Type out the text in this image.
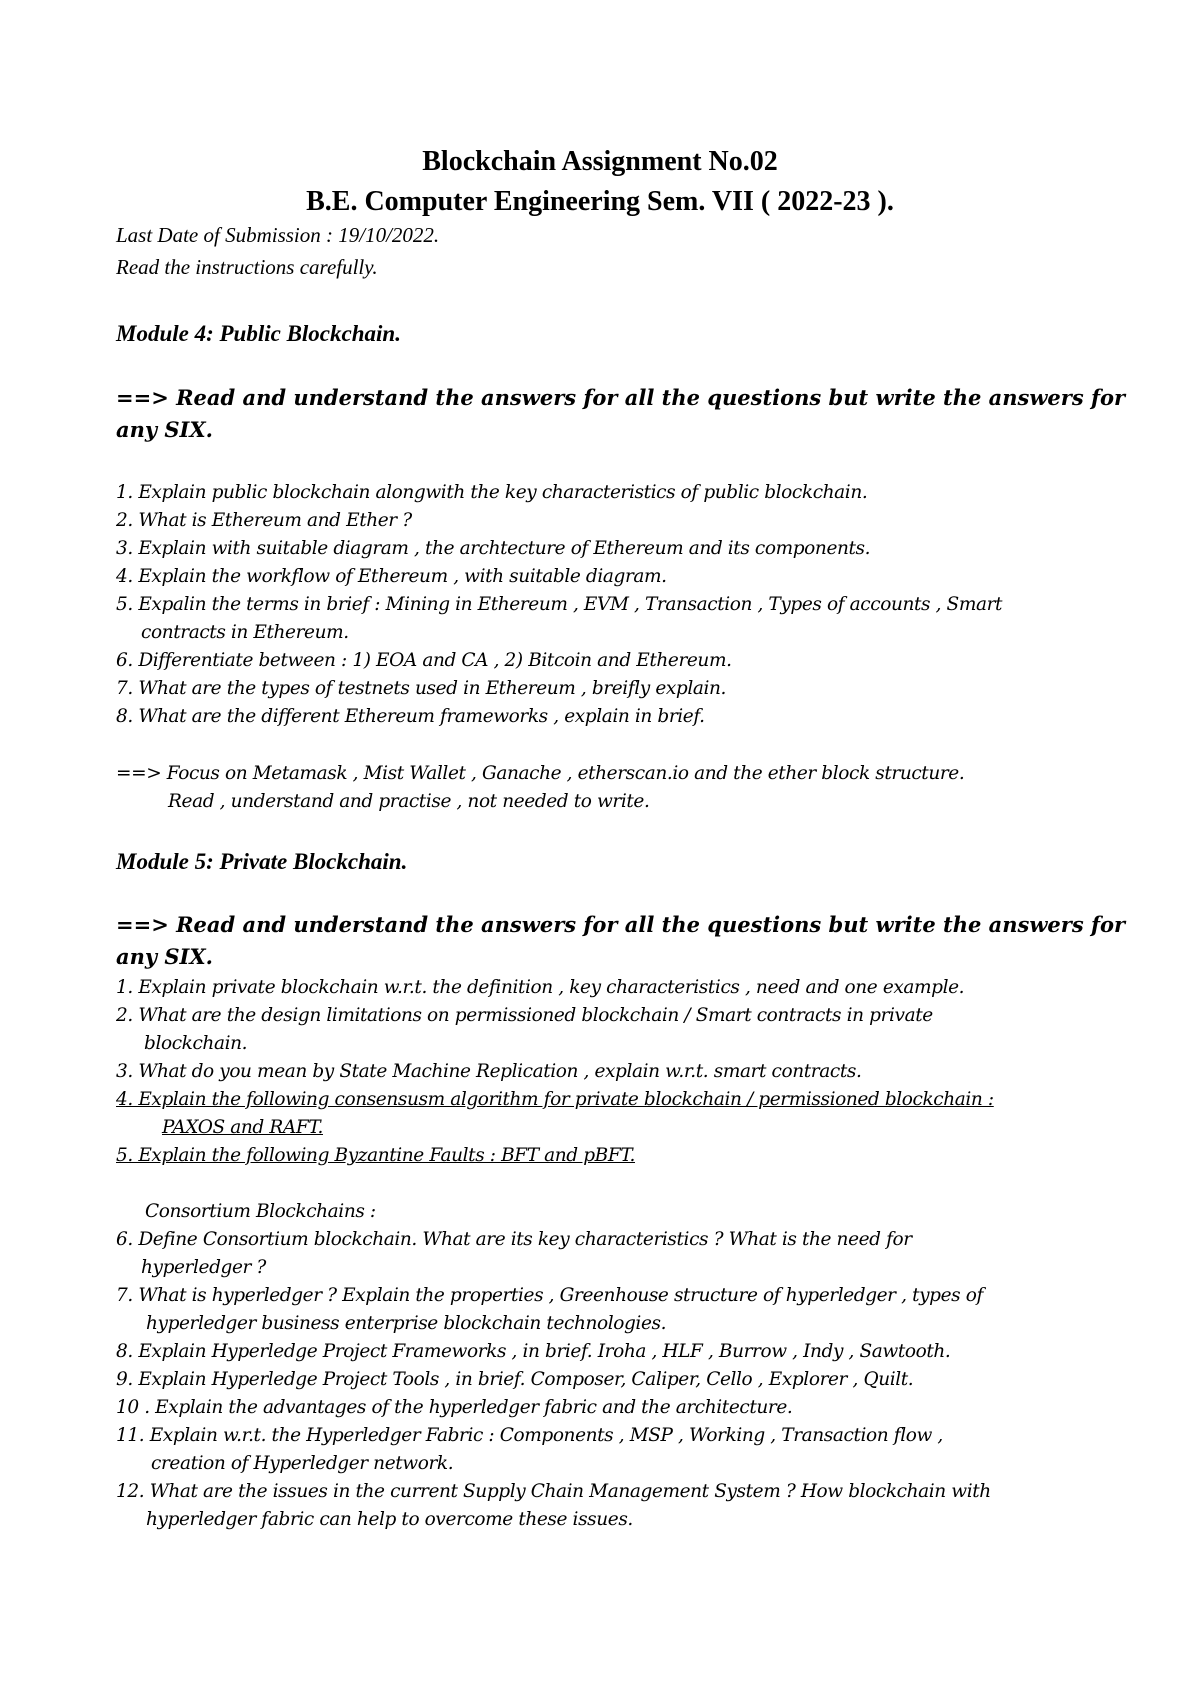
Blockchain Assignment No.02
B.E. Computer Engineering Sem. VII ( 2022-23 ).

Last Date of Submission : 19/10/2022.

Read the instructions carefully.

Module 4: Public Blockchain.

==> Read and understand the answers for all the questions but write the answers for

any SIX.

1. Explain public blockchain alongwith the key characteristics of public blockchain.

2. What is Ethereum and Ether ?

3. Explain with suitable diagram , the archtecture of Ethereum and its components.

4. Explain the workflow of Ethereum , with suitable diagram.

5. Expalin the terms in brief : Mining in Ethereum , EVM , Transaction , Types of accounts , Smart

contracts in Ethereum.

6. Differentiate between : 1) EOA and CA , 2) Bitcoin and Ethereum.

7. What are the types of testnets used in Ethereum , breifly explain.

8. What are the different Ethereum frameworks , explain in brief.

==> Focus on Metamask , Mist Wallet , Ganache , etherscan.io and the ether block structure.

Read , understand and practise , not needed to write.

Module 5: Private Blockchain.

==> Read and understand the answers for all the questions but write the answers for

any SIX.

1. Explain private blockchain w.r.t. the definition , key characteristics , need and one example.

2. What are the design limitations on permissioned blockchain / Smart contracts in private

blockchain.

3. What do you mean by State Machine Replication , explain w.r.t. smart contracts.

4. Explain the following consensusm algorithm for private blockchain / permissioned blockchain :

PAXOS and RAFT.

5. Explain the following Byzantine Faults : BFT and pBFT.

Consortium Blockchains :

6. Define Consortium blockchain. What are its key characteristics ? What is the need for

hyperledger ?

7. What is hyperledger ? Explain the properties , Greenhouse structure of hyperledger , types of

hyperledger business enterprise blockchain technologies.

8. Explain Hyperledge Project Frameworks , in brief. Iroha , HLF , Burrow , Indy , Sawtooth.

9. Explain Hyperledge Project Tools , in brief. Composer, Caliper, Cello , Explorer , Quilt.

10 . Explain the advantages of the hyperledger fabric and the architecture.

11. Explain w.r.t. the Hyperledger Fabric : Components , MSP , Working , Transaction flow ,

creation of Hyperledger network.

12. What are the issues in the current Supply Chain Management System ? How blockchain with

hyperledger fabric can help to overcome these issues.
